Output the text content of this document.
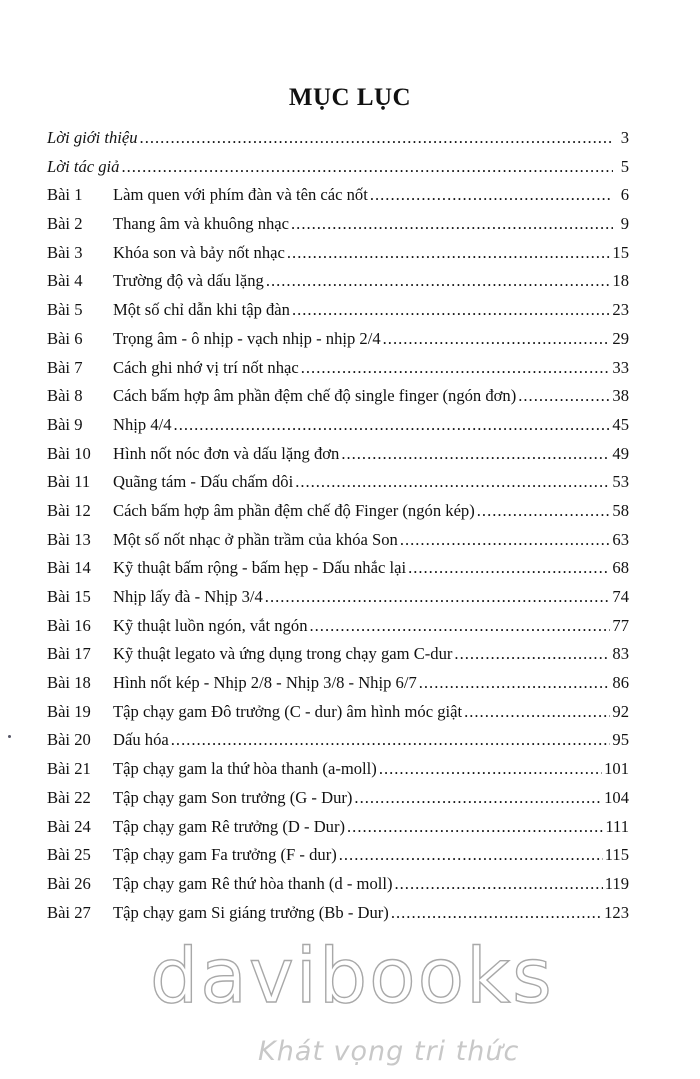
MỤC LỤC
Lời giới thiệu .....	3
Lời tác giả .....	5
Bài 1	Làm quen với phím đàn và tên các nốt .....	6
Bài 2	Thang âm và khuông nhạc .....	9
Bài 3	Khóa son và bảy nốt nhạc .....	15
Bài 4	Trường độ và dấu lặng .....	18
Bài 5	Một số chỉ dẫn khi tập đàn .....	23
Bài 6	Trọng âm - ô nhịp - vạch nhịp - nhịp 2/4 .....	29
Bài 7	Cách ghi nhớ vị trí nốt nhạc .....	33
Bài 8	Cách bấm hợp âm phần đệm chế độ single finger (ngón đơn) .....	38
Bài 9	Nhịp 4/4 .....	45
Bài 10	Hình nốt nóc đơn và dấu lặng đơn .....	49
Bài 11	Quãng tám - Dấu chấm dôi .....	53
Bài 12	Cách bấm hợp âm phần đệm chế độ Finger (ngón kép) .....	58
Bài 13	Một số nốt nhạc ở phần trầm của khóa Son .....	63
Bài 14	Kỹ thuật bấm rộng - bấm hẹp - Dấu nhắc lại .....	68
Bài 15	Nhịp lấy đà - Nhịp 3/4 .....	74
Bài 16	Kỹ thuật luồn ngón, vắt ngón .....	77
Bài 17	Kỹ thuật legato và ứng dụng trong chạy gam C-dur .....	83
Bài 18	Hình nốt kép - Nhịp 2/8 - Nhịp 3/8 - Nhịp 6/7 .....	86
Bài 19	Tập chạy gam Đô trưởng (C - dur) âm hình móc giật .....	92
Bài 20	Dấu hóa .....	95
Bài 21	Tập chạy gam la thứ hòa thanh (a-moll) .....	101
Bài 22	Tập chạy gam Son trưởng (G - Dur) .....	104
Bài 24	Tập chạy gam Rê trưởng (D - Dur) .....	111
Bài 25	Tập chạy gam Fa trưởng (F - dur) .....	115
Bài 26	Tập chạy gam Rê thứ hòa thanh (d - moll) .....	119
Bài 27	Tập chạy gam Si giáng trưởng (Bb - Dur) .....	123
davibooks
Khát vọng tri thức
